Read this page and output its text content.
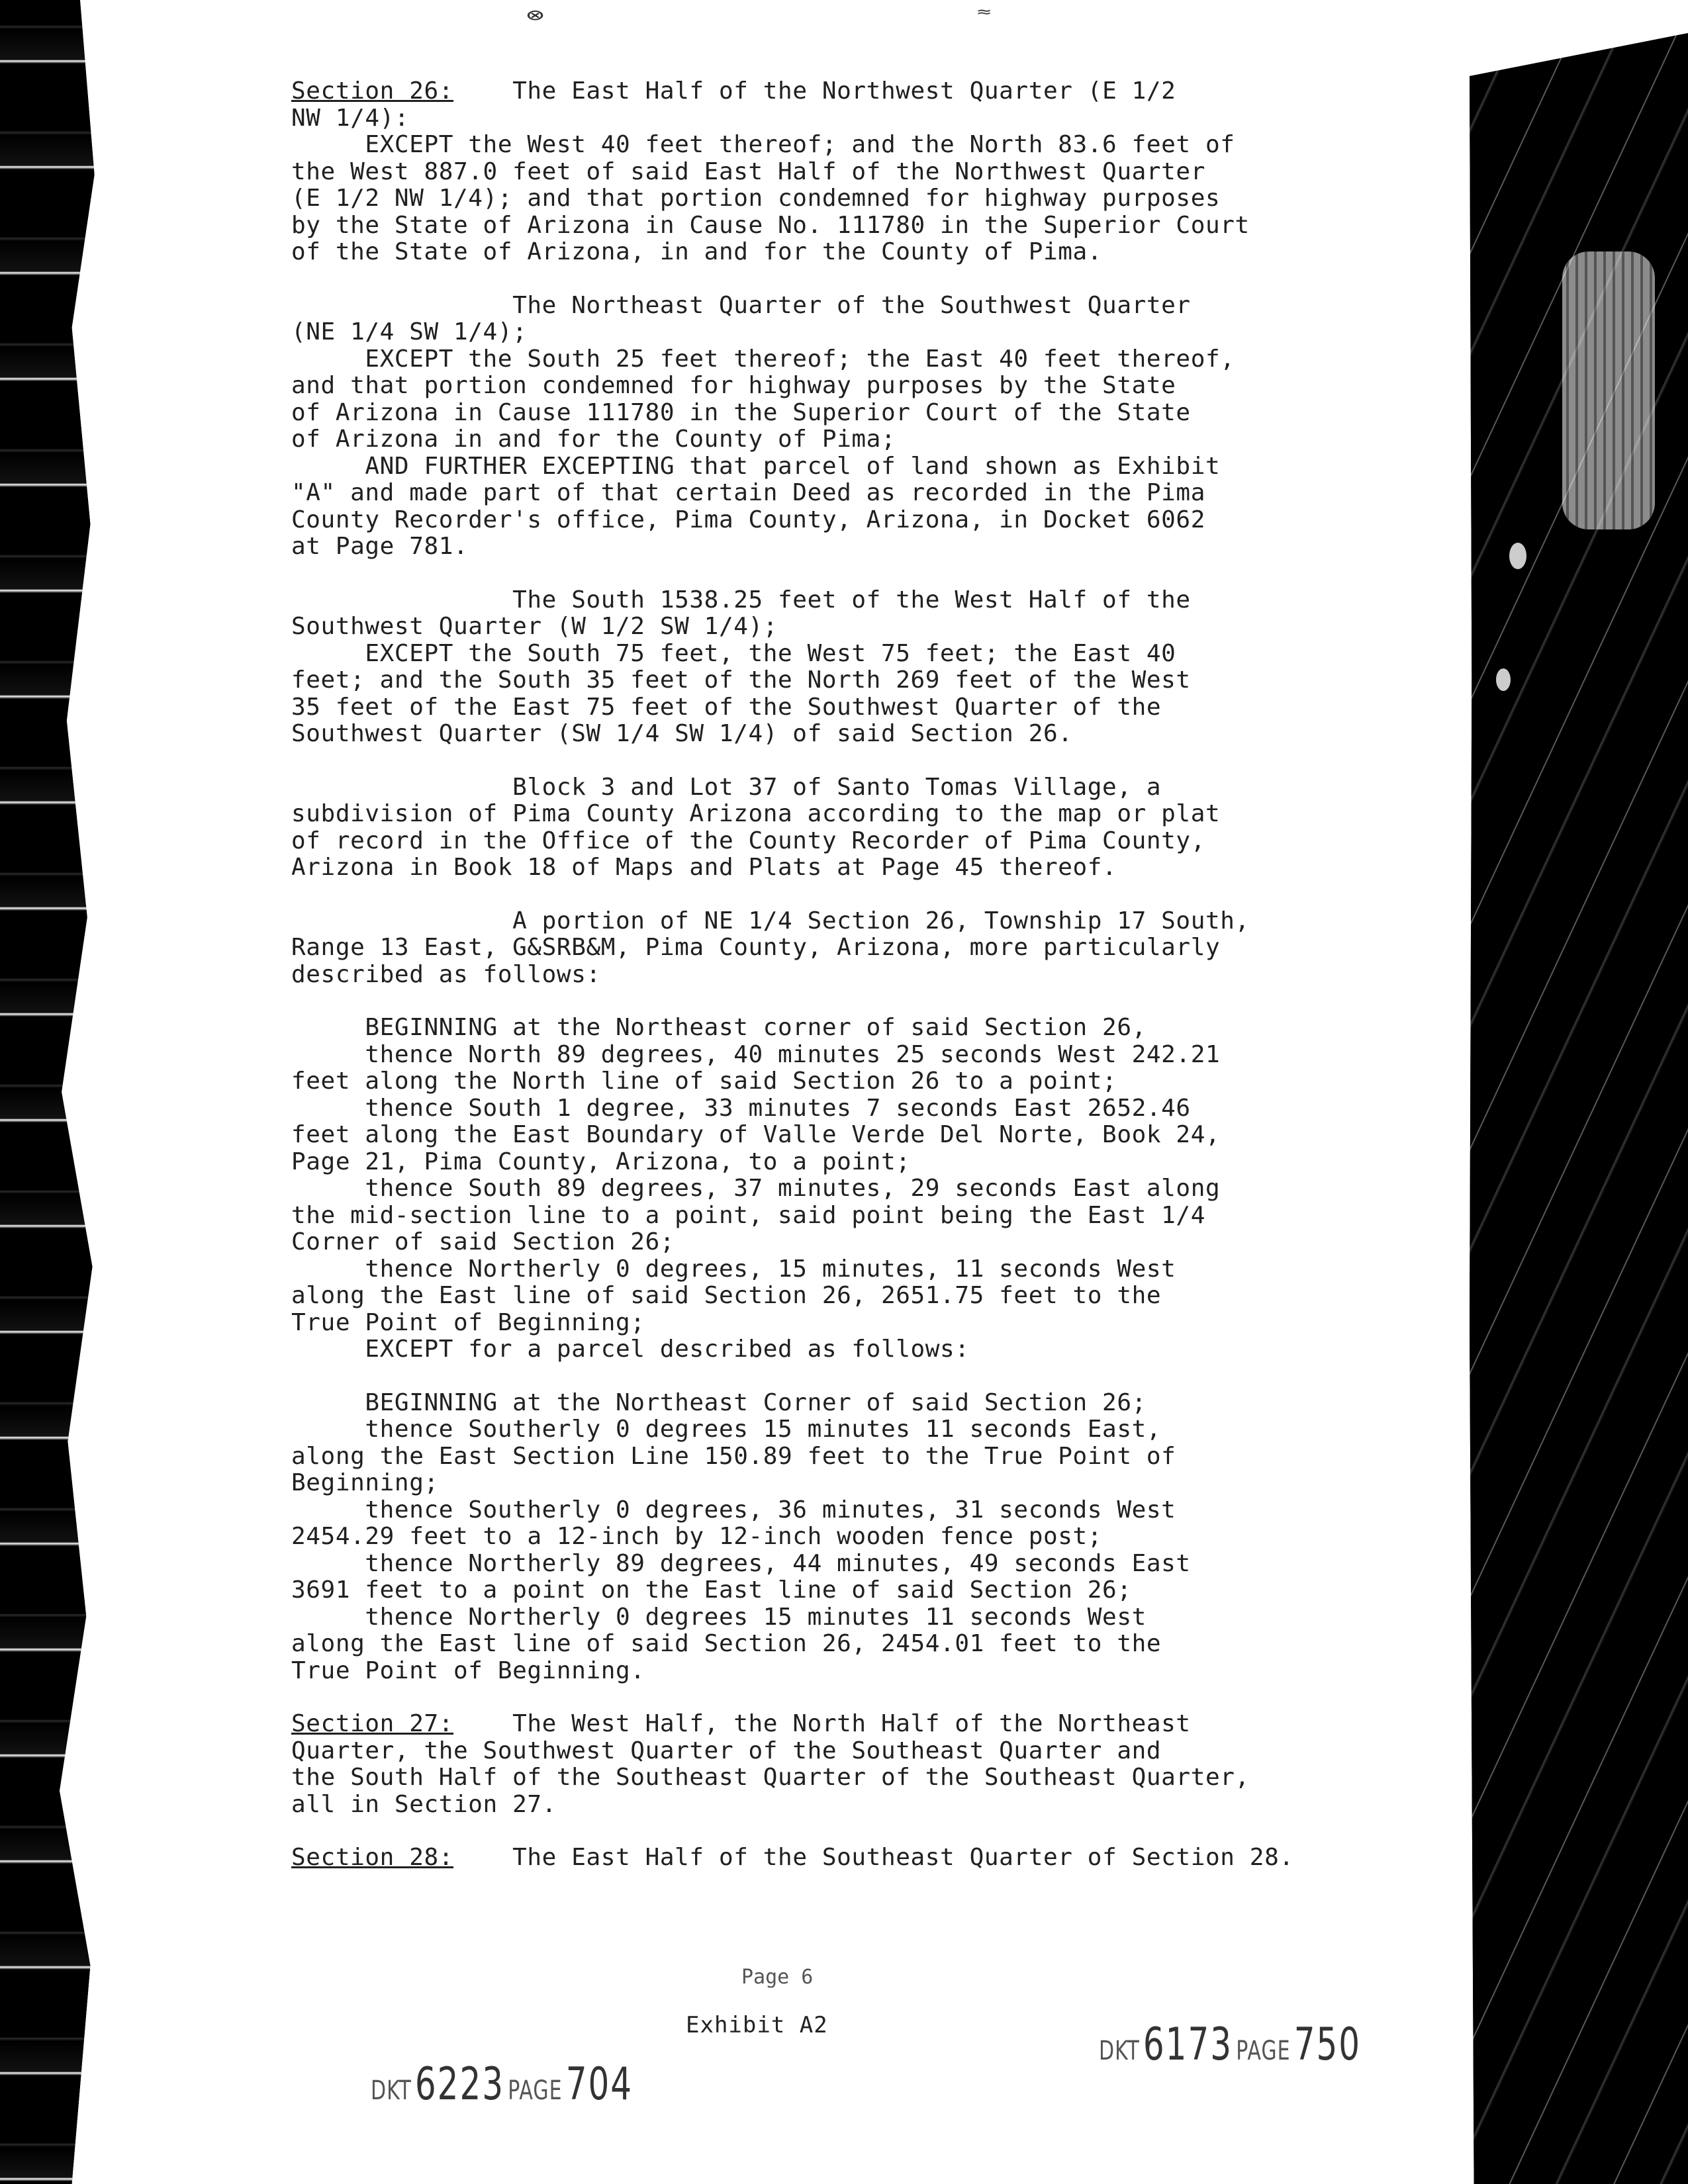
⊗	≈

Section 26:    The East Half of the Northwest Quarter (E 1/2

NW 1/4):

EXCEPT the West 40 feet thereof; and the North 83.6 feet of

the West 887.0 feet of said East Half of the Northwest Quarter

(E 1/2 NW 1/4); and that portion condemned for highway purposes

by the State of Arizona in Cause No. 111780 in the Superior Court

of the State of Arizona, in and for the County of Pima.

The Northeast Quarter of the Southwest Quarter

(NE 1/4 SW 1/4);

EXCEPT the South 25 feet thereof; the East 40 feet thereof,

and that portion condemned for highway purposes by the State

of Arizona in Cause 111780 in the Superior Court of the State

of Arizona in and for the County of Pima;

AND FURTHER EXCEPTING that parcel of land shown as Exhibit

"A" and made part of that certain Deed as recorded in the Pima

County Recorder's office, Pima County, Arizona, in Docket 6062

at Page 781.

The South 1538.25 feet of the West Half of the

Southwest Quarter (W 1/2 SW 1/4);

EXCEPT the South 75 feet, the West 75 feet; the East 40

feet; and the South 35 feet of the North 269 feet of the West

35 feet of the East 75 feet of the Southwest Quarter of the

Southwest Quarter (SW 1/4 SW 1/4) of said Section 26.

Block 3 and Lot 37 of Santo Tomas Village, a

subdivision of Pima County Arizona according to the map or plat

of record in the Office of the County Recorder of Pima County,

Arizona in Book 18 of Maps and Plats at Page 45 thereof.

A portion of NE 1/4 Section 26, Township 17 South,

Range 13 East, G&SRB&M, Pima County, Arizona, more particularly

described as follows:

BEGINNING at the Northeast corner of said Section 26,

thence North 89 degrees, 40 minutes 25 seconds West 242.21

feet along the North line of said Section 26 to a point;

thence South 1 degree, 33 minutes 7 seconds East 2652.46

feet along the East Boundary of Valle Verde Del Norte, Book 24,

Page 21, Pima County, Arizona, to a point;

thence South 89 degrees, 37 minutes, 29 seconds East along

the mid-section line to a point, said point being the East 1/4

Corner of said Section 26;

thence Northerly 0 degrees, 15 minutes, 11 seconds West

along the East line of said Section 26, 2651.75 feet to the

True Point of Beginning;

EXCEPT for a parcel described as follows:

BEGINNING at the Northeast Corner of said Section 26;

thence Southerly 0 degrees 15 minutes 11 seconds East,

along the East Section Line 150.89 feet to the True Point of

Beginning;

thence Southerly 0 degrees, 36 minutes, 31 seconds West

2454.29 feet to a 12-inch by 12-inch wooden fence post;

thence Northerly 89 degrees, 44 minutes, 49 seconds East

3691 feet to a point on the East line of said Section 26;

thence Northerly 0 degrees 15 minutes 11 seconds West

along the East line of said Section 26, 2454.01 feet to the

True Point of Beginning.

Section 27:    The West Half, the North Half of the Northeast

Quarter, the Southwest Quarter of the Southeast Quarter and

the South Half of the Southeast Quarter of the Southeast Quarter,

all in Section 27.

Section 28:    The East Half of the Southeast Quarter of Section 28.

Page 6
Exhibit A2
DKT 6223 PAGE 704
DKT 6173 PAGE 750
